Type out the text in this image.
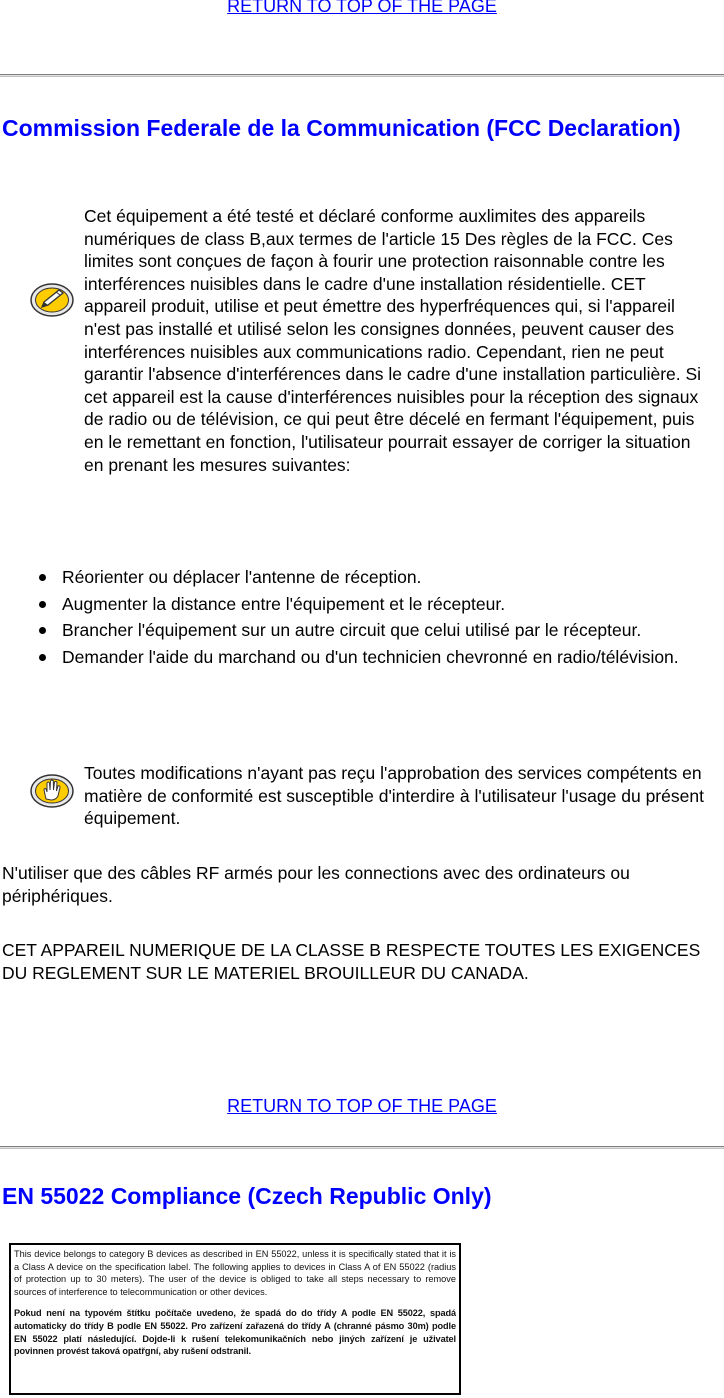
RETURN TO TOP OF THE PAGE
Commission Federale de la Communication (FCC Declaration)

Cet équipement a été testé et déclaré conforme auxlimites des appareils numériques de class B,aux termes de l'article 15 Des règles de la FCC. Ces limites sont conçues de façon à fourir une protection raisonnable contre les interférences nuisibles dans le cadre d'une installation résidentielle. CET appareil produit, utilise et peut émettre des hyperfréquences qui, si l'appareil n'est pas installé et utilisé selon les consignes données, peuvent causer des interférences nuisibles aux communications radio. Cependant, rien ne peut garantir l'absence d'interférences dans le cadre d'une installation particulière. Si cet appareil est la cause d'interférences nuisibles pour la réception des signaux de radio ou de télévision, ce qui peut être décelé en fermant l'équipement, puis en le remettant en fonction, l'utilisateur pourrait essayer de corriger la situation en prenant les mesures suivantes:

Réorienter ou déplacer l'antenne de réception.
Augmenter la distance entre l'équipement et le récepteur.
Brancher l'équipement sur un autre circuit que celui utilisé par le récepteur.
Demander l'aide du marchand ou d'un technicien chevronné en radio/télévision.

Toutes modifications n'ayant pas reçu l'approbation des services compétents en matière de conformité est susceptible d'interdire à l'utilisateur l'usage du présent équipement.

N'utiliser que des câbles RF armés pour les connections avec des ordinateurs ou périphériques.

CET APPAREIL NUMERIQUE DE LA CLASSE B RESPECTE TOUTES LES EXIGENCES DU REGLEMENT SUR LE MATERIEL BROUILLEUR DU CANADA.

RETURN TO TOP OF THE PAGE
EN 55022 Compliance (Czech Republic Only)

This device belongs to category B devices as described in EN 55022, unless it is specifically stated that it is a Class A device on the specification label. The following applies to devices in Class A of EN 55022 (radius of protection up to 30 meters). The user of the device is obliged to take all steps necessary to remove sources of interference to telecommunication or other devices.

Pokud není na typovém štítku počítače uvedeno, že spadá do do třídy A podle EN 55022, spadá automaticky do třídy B podle EN 55022. Pro zařízení zařazená do třídy A (chranné pásmo 30m) podle EN 55022 platí následující. Dojde-li k rušení telekomunikačních nebo jiných zařízení je uživatel povinnen provést taková opatřgní, aby rušení odstranil.
